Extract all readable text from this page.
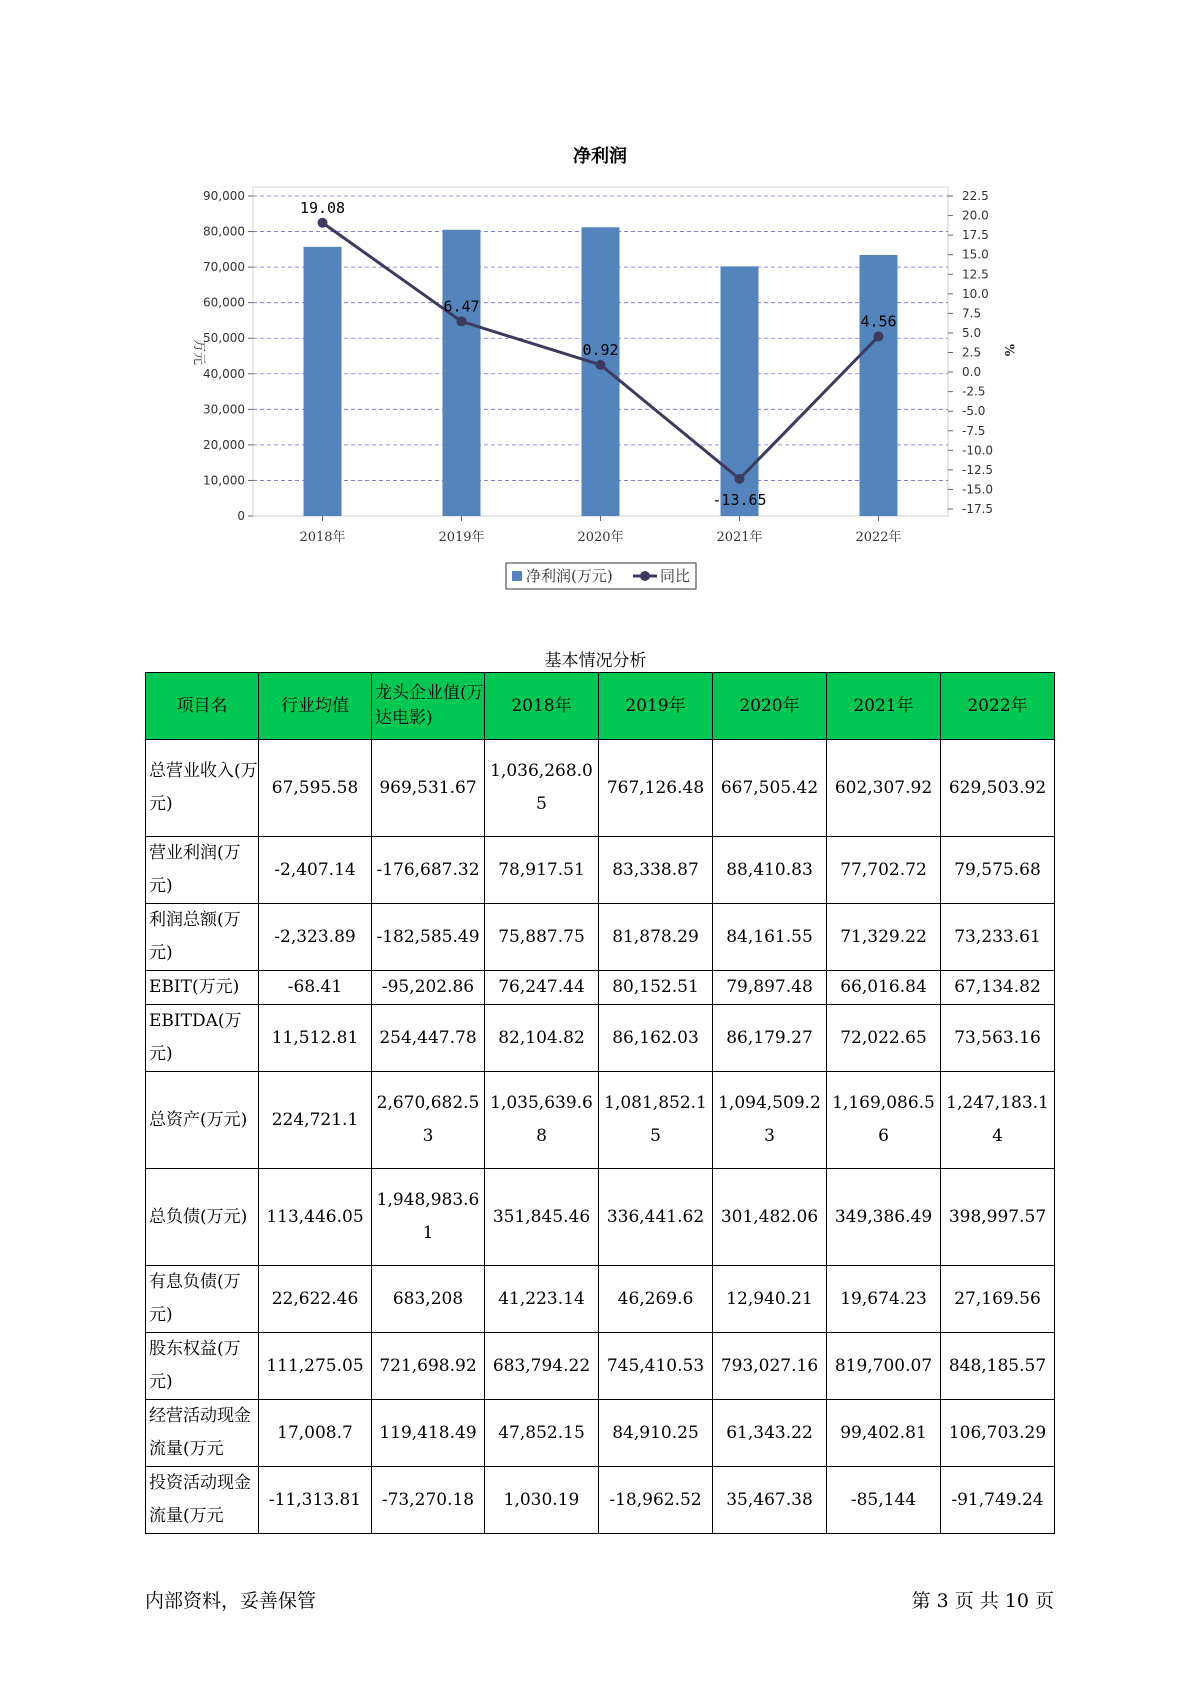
净利润
0
10,000
20,000
30,000
40,000
50,000
60,000
70,000
80,000
90,000
-17.5
-15.0
-12.5
-10.0
-7.5
-5.0
-2.5
0.0
2.5
5.0
7.5
10.0
12.5
15.0
17.5
20.0
22.5
万元	%
2018年	2019年	2020年	2021年	2022年
19.08
6.47
0.92
-13.65
4.56
净利润(万元)	同比
基本情况分析
项目名	行业均值	龙头企业值(万达电影)	2018年	2019年	2020年	2021年	2022年
总营业收入(万元)	67,595.58	969,531.67	1,036,268.05	767,126.48	667,505.42	602,307.92	629,503.92
营业利润(万元)	-2,407.14	-176,687.32	78,917.51	83,338.87	88,410.83	77,702.72	79,575.68
利润总额(万元)	-2,323.89	-182,585.49	75,887.75	81,878.29	84,161.55	71,329.22	73,233.61
EBIT(万元)	-68.41	-95,202.86	76,247.44	80,152.51	79,897.48	66,016.84	67,134.82
EBITDA(万元)	11,512.81	254,447.78	82,104.82	86,162.03	86,179.27	72,022.65	73,563.16
总资产(万元)	224,721.1	2,670,682.53	1,035,639.68	1,081,852.15	1,094,509.23	1,169,086.56	1,247,183.14
总负债(万元)	113,446.05	1,948,983.61	351,845.46	336,441.62	301,482.06	349,386.49	398,997.57
有息负债(万元)	22,622.46	683,208	41,223.14	46,269.6	12,940.21	19,674.23	27,169.56
股东权益(万元)	111,275.05	721,698.92	683,794.22	745,410.53	793,027.16	819,700.07	848,185.57
经营活动现金流量(万元	17,008.7	119,418.49	47,852.15	84,910.25	61,343.22	99,402.81	106,703.29
投资活动现金流量(万元	-11,313.81	-73,270.18	1,030.19	-18,962.52	35,467.38	-85,144	-91,749.24
内部资料，妥善保管	第 3 页 共 10 页
